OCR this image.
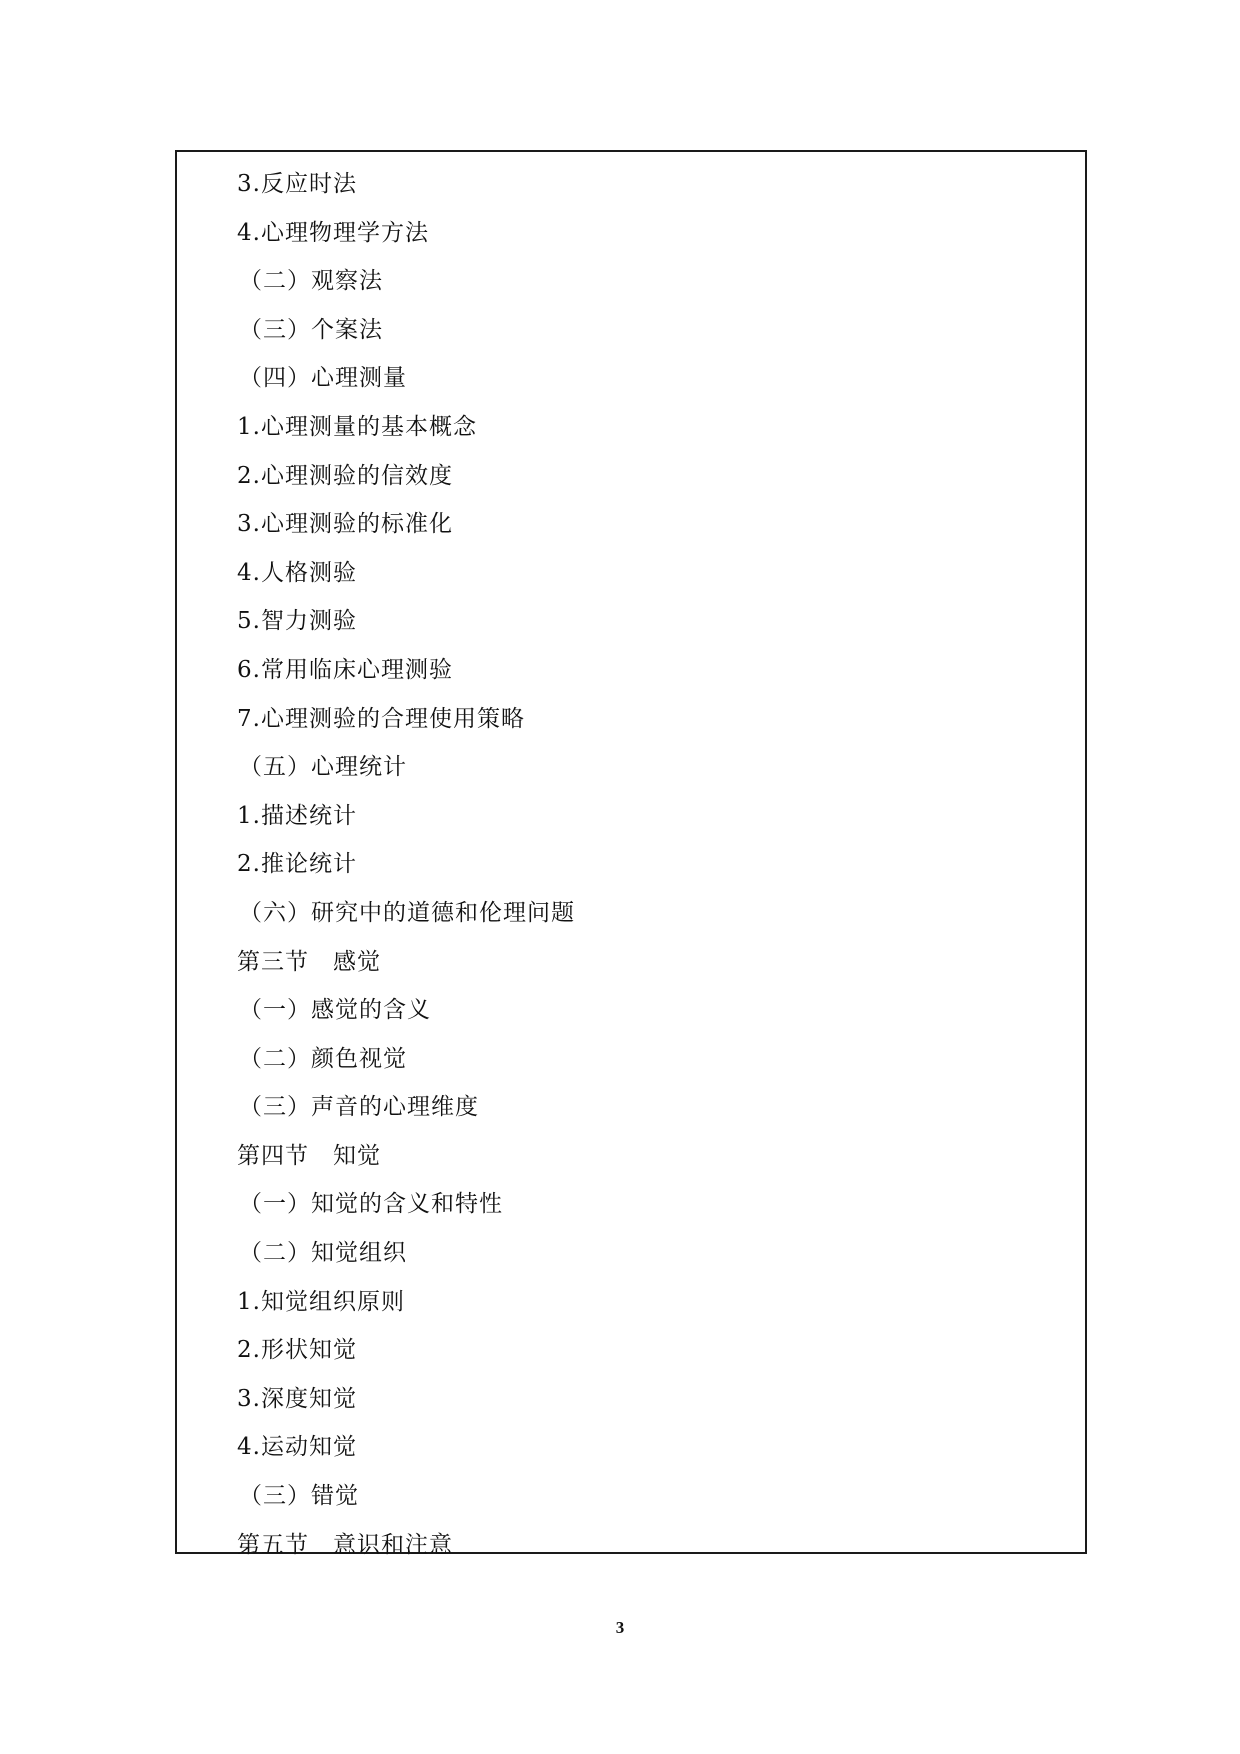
3.反应时法
4.心理物理学方法
（二）观察法
（三）个案法
（四）心理测量
1.心理测量的基本概念
2.心理测验的信效度
3.心理测验的标准化
4.人格测验
5.智力测验
6.常用临床心理测验
7.心理测验的合理使用策略
（五）心理统计
1.描述统计
2.推论统计
（六）研究中的道德和伦理问题
第三节　感觉
（一）感觉的含义
（二）颜色视觉
（三）声音的心理维度
第四节　知觉
（一）知觉的含义和特性
（二）知觉组织
1.知觉组织原则
2.形状知觉
3.深度知觉
4.运动知觉
（三）错觉
第五节　意识和注意
3
